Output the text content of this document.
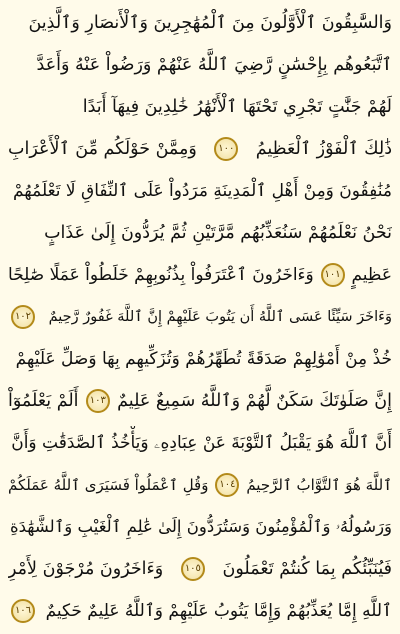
وَالسَّٰبِقُونَ ٱلْأَوَّلُونَ مِنَ ٱلْمُهَٰجِرِينَ وَٱلْأَنصَارِ وَٱلَّذِينَ
ٱتَّبَعُوهُم بِإِحْسَٰنٍ رَّضِيَ ٱللَّهُ عَنْهُمْ وَرَضُواْ عَنْهُ وَأَعَدَّ
لَهُمْ جَنَّٰتٍ تَجْرِي تَحْتَهَا ٱلْأَنْهَٰرُ خَٰلِدِينَ فِيهَآ أَبَدًا
ذَٰلِكَ ٱلْفَوْزُ ٱلْعَظِيمُ
١٠٠
وَمِمَّنْ حَوْلَكُم مِّنَ ٱلْأَعْرَابِ
مُنَٰفِقُونَ وَمِنْ أَهْلِ ٱلْمَدِينَةِ مَرَدُواْ عَلَى ٱلنِّفَاقِ لَا تَعْلَمُهُمْ
نَحْنُ نَعْلَمُهُمْ سَنُعَذِّبُهُم مَّرَّتَيْنِ ثُمَّ يُرَدُّونَ إِلَىٰ عَذَابٍ
عَظِيمٍ
١٠١
وَءَاخَرُونَ ٱعْتَرَفُواْ بِذُنُوبِهِمْ خَلَطُواْ عَمَلًا صَٰلِحًا
وَءَاخَرَ سَيِّئًا عَسَى ٱللَّهُ أَن يَتُوبَ عَلَيْهِمْ إِنَّ ٱللَّهَ غَفُورٌ رَّحِيمٌ
١٠٢
خُذْ مِنْ أَمْوَٰلِهِمْ صَدَقَةً تُطَهِّرُهُمْ وَتُزَكِّيهِم بِهَا وَصَلِّ عَلَيْهِمْ
إِنَّ صَلَوٰتَكَ سَكَنٌ لَّهُمْ وَٱللَّهُ سَمِيعٌ عَلِيمٌ
١٠٣
أَلَمْ يَعْلَمُوٓاْ
أَنَّ ٱللَّهَ هُوَ يَقْبَلُ ٱلتَّوْبَةَ عَنْ عِبَادِهِۦ وَيَأْخُذُ ٱلصَّدَقَٰتِ وَأَنَّ
ٱللَّهَ هُوَ ٱلتَّوَّابُ ٱلرَّحِيمُ
١٠٤
وَقُلِ ٱعْمَلُواْ فَسَيَرَى ٱللَّهُ عَمَلَكُمْ
وَرَسُولُهُۥ وَٱلْمُؤْمِنُونَ وَسَتُرَدُّونَ إِلَىٰ عَٰلِمِ ٱلْغَيْبِ وَٱلشَّهَٰدَةِ
فَيُنَبِّئُكُم بِمَا كُنتُمْ تَعْمَلُونَ
١٠٥
وَءَاخَرُونَ مُرْجَوْنَ لِأَمْرِ
ٱللَّهِ إِمَّا يُعَذِّبُهُمْ وَإِمَّا يَتُوبُ عَلَيْهِمْ وَٱللَّهُ عَلِيمٌ حَكِيمٌ
١٠٦
